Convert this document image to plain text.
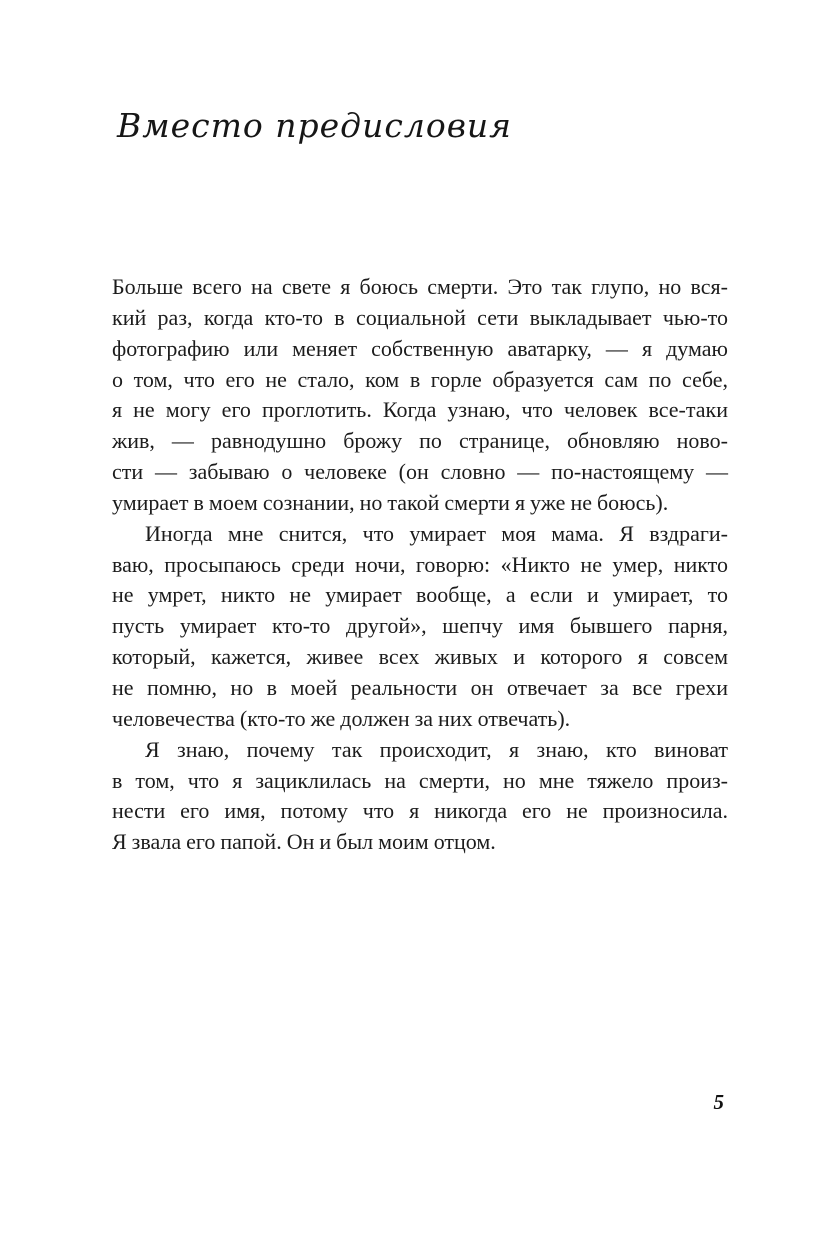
Вместо предисловия
Больше всего на свете я боюсь смерти. Это так глупо, но вся-
кий раз, когда кто-то в социальной сети выкладывает чью-то
фотографию или меняет собственную аватарку, — я думаю
о том, что его не стало, ком в горле образуется сам по себе,
я не могу его проглотить. Когда узнаю, что человек все-таки
жив, — равнодушно брожу по странице, обновляю ново-
сти — забываю о человеке (он словно — по-настоящему —
умирает в моем сознании, но такой смерти я уже не боюсь).
Иногда мне снится, что умирает моя мама. Я вздраги-
ваю, просыпаюсь среди ночи, говорю: «Никто не умер, никто
не умрет, никто не умирает вообще, а если и умирает, то
пусть умирает кто-то другой», шепчу имя бывшего парня,
который, кажется, живее всех живых и которого я совсем
не помню, но в моей реальности он отвечает за все грехи
человечества (кто-то же должен за них отвечать).
Я знаю, почему так происходит, я знаю, кто виноват
в том, что я зациклилась на смерти, но мне тяжело произ-
нести его имя, потому что я никогда его не произносила.
Я звала его папой. Он и был моим отцом.
5
